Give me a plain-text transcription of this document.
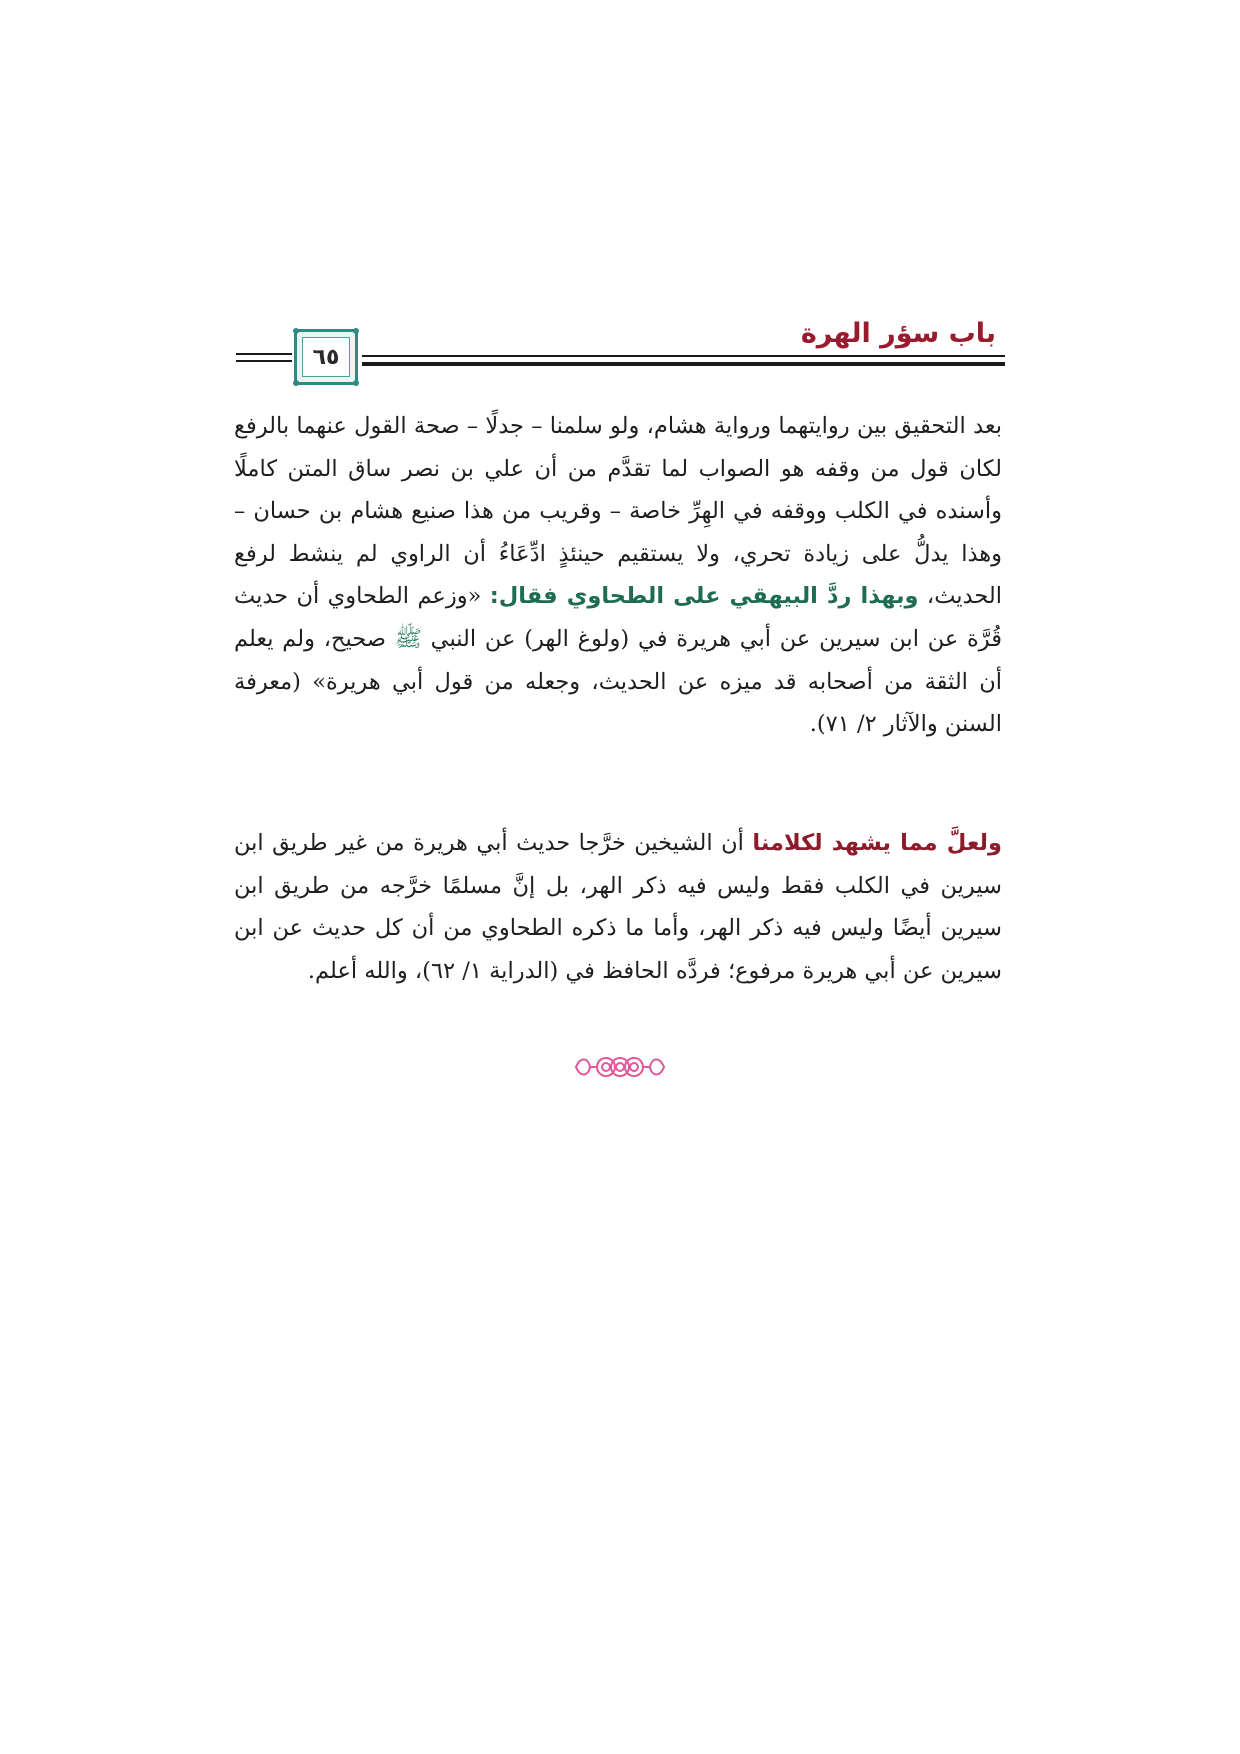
باب سؤر الهرة
٦٥

بعد التحقيق بين روايتهما ورواية هشام، ولو سلمنا – جدلًا – صحة القول عنهما بالرفع لكان قول من وقفه هو الصواب لما تقدَّم من أن علي بن نصر ساق المتن كاملًا وأسنده في الكلب ووقفه في الهِرِّ خاصة – وقريب من هذا صنيع هشام بن حسان – وهذا يدلُّ على زيادة تحري، ولا يستقيم حينئذٍ ادِّعَاءُ أن الراوي لم ينشط لرفع الحديث، وبهذا ردَّ البيهقي على الطحاوي فقال: «وزعم الطحاوي أن حديث قُرَّة عن ابن سيرين عن أبي هريرة في (ولوغ الهر) عن النبي ﷺ صحيح، ولم يعلم أن الثقة من أصحابه قد ميزه عن الحديث، وجعله من قول أبي هريرة» (معرفة السنن والآثار ٢/ ٧١).

ولعلَّ مما يشهد لكلامنا أن الشيخين خرَّجا حديث أبي هريرة من غير طريق ابن سيرين في الكلب فقط وليس فيه ذكر الهر، بل إنَّ مسلمًا خرَّجه من طريق ابن سيرين أيضًا وليس فيه ذكر الهر، وأما ما ذكره الطحاوي من أن كل حديث عن ابن سيرين عن أبي هريرة مرفوع؛ فردَّه الحافظ في (الدراية ١/ ٦٢)، والله أعلم.
